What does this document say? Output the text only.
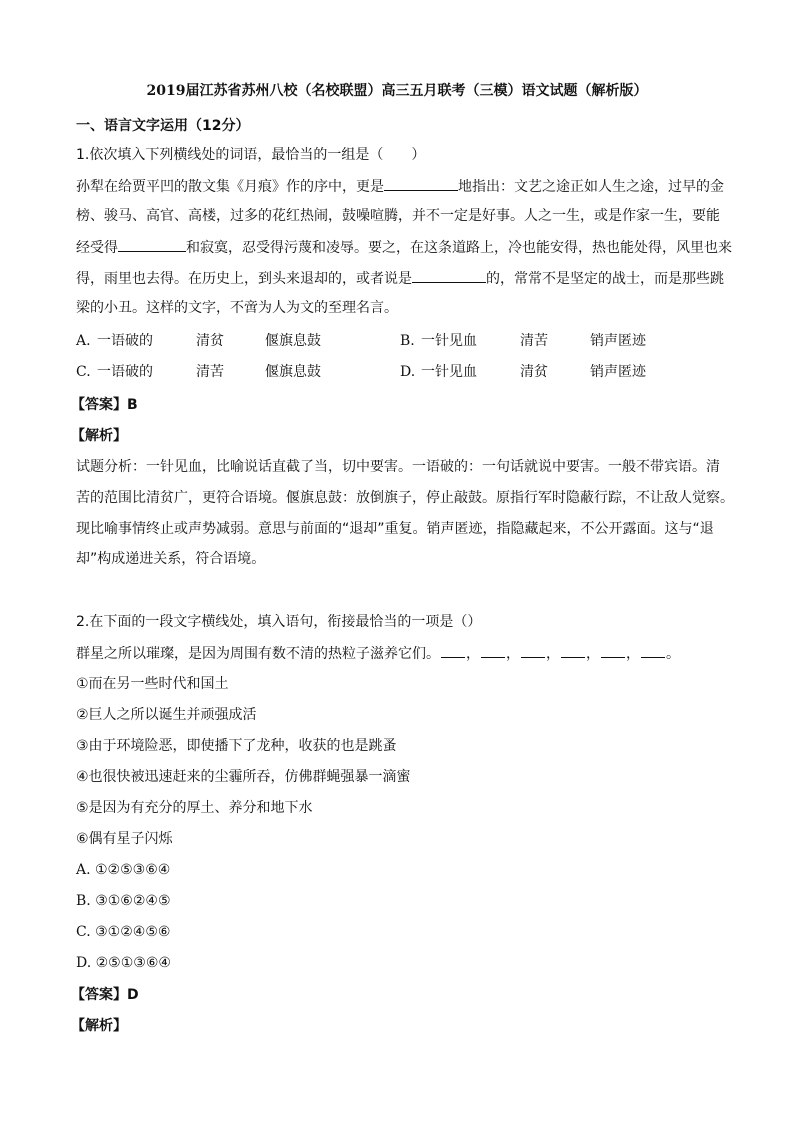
2019届江苏省苏州八校（名校联盟）高三五月联考（三模）语文试题（解析版）
一、语言文字运用（12分）
1.依次填入下列横线处的词语，最恰当的一组是（　　）
孙犁在给贾平凹的散文集《月痕》作的序中，更是	地指出：文艺之途正如人生之途，过早的金
榜、骏马、高官、高楼，过多的花红热闹，鼓噪喧腾，并不一定是好事。人之一生，或是作家一生，要能
经受得	和寂寞，忍受得污蔑和凌辱。要之，在这条道路上，冷也能安得，热也能处得，风里也来
得，雨里也去得。在历史上，到头来退却的，或者说是	的，常常不是坚定的战士，而是那些跳
梁的小丑。这样的文字，不啻为人为文的至理名言。
A. 一语破的	清贫	偃旗息鼓	B. 一针见血	清苦	销声匿迹
C. 一语破的	清苦	偃旗息鼓	D. 一针见血	清贫	销声匿迹
【答案】B
【解析】
试题分析：一针见血，比喻说话直截了当，切中要害。一语破的：一句话就说中要害。一般不带宾语。清
苦的范围比清贫广，更符合语境。偃旗息鼓：放倒旗子，停止敲鼓。原指行军时隐蔽行踪，不让敌人觉察。
现比喻事情终止或声势减弱。意思与前面的“退却”重复。销声匿迹，指隐藏起来，不公开露面。这与“退
却”构成递进关系，符合语境。
2.在下面的一段文字横线处，填入语句，衔接最恰当的一项是（）
群星之所以璀璨，是因为周围有数不清的热粒子滋养它们。 ， ， ， ， ， 。
①而在另一些时代和国土
②巨人之所以诞生并顽强成活
③由于环境险恶，即使播下了龙种，收获的也是跳蚤
④也很快被迅速赶来的尘霾所吞，仿佛群蝇强暴一滴蜜
⑤是因为有充分的厚土、养分和地下水
⑥偶有星子闪烁
A. ①②⑤③⑥④
B. ③①⑥②④⑤
C. ③①②④⑤⑥
D. ②⑤①③⑥④
【答案】D
【解析】
